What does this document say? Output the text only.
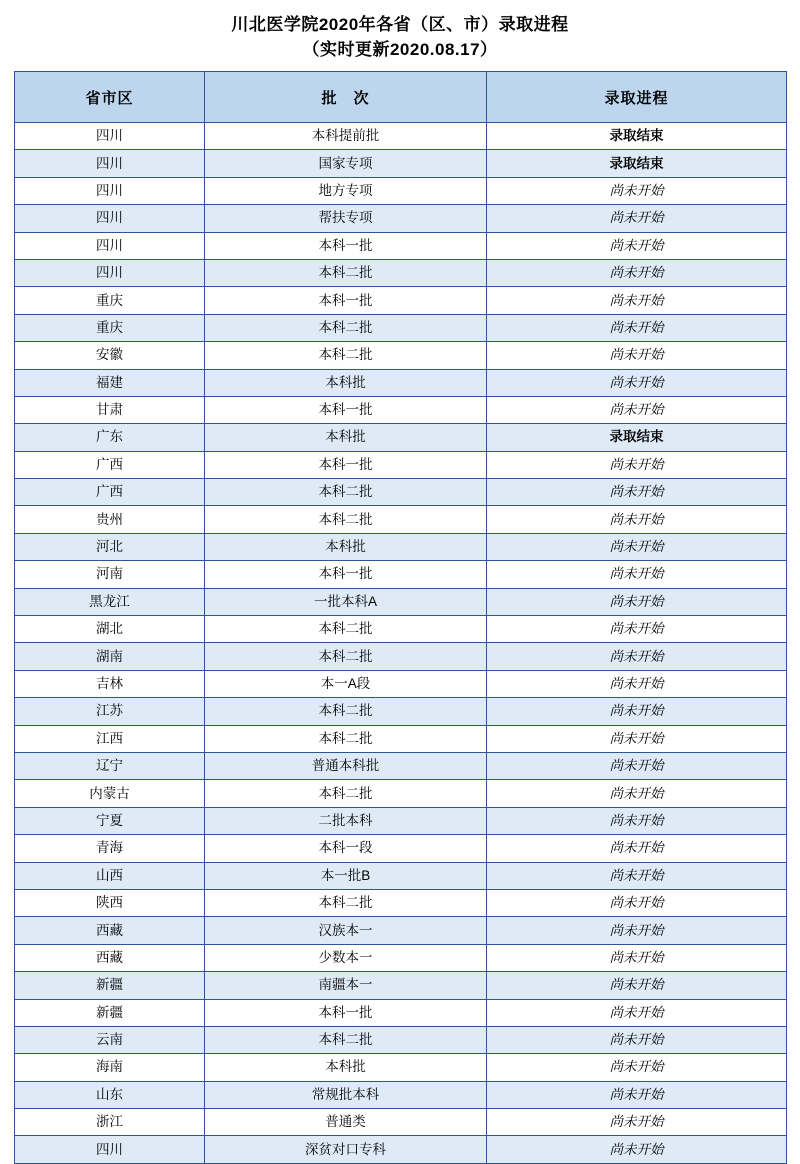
川北医学院2020年各省（区、市）录取进程
（实时更新2020.08.17）
省市区	批　次	录取进程
四川	本科提前批	录取结束
四川	国家专项	录取结束
四川	地方专项	尚未开始
四川	帮扶专项	尚未开始
四川	本科一批	尚未开始
四川	本科二批	尚未开始
重庆	本科一批	尚未开始
重庆	本科二批	尚未开始
安徽	本科二批	尚未开始
福建	本科批	尚未开始
甘肃	本科一批	尚未开始
广东	本科批	录取结束
广西	本科一批	尚未开始
广西	本科二批	尚未开始
贵州	本科二批	尚未开始
河北	本科批	尚未开始
河南	本科一批	尚未开始
黑龙江	一批本科A	尚未开始
湖北	本科二批	尚未开始
湖南	本科二批	尚未开始
吉林	本一A段	尚未开始
江苏	本科二批	尚未开始
江西	本科二批	尚未开始
辽宁	普通本科批	尚未开始
内蒙古	本科二批	尚未开始
宁夏	二批本科	尚未开始
青海	本科一段	尚未开始
山西	本一批B	尚未开始
陕西	本科二批	尚未开始
西藏	汉族本一	尚未开始
西藏	少数本一	尚未开始
新疆	南疆本一	尚未开始
新疆	本科一批	尚未开始
云南	本科二批	尚未开始
海南	本科批	尚未开始
山东	常规批本科	尚未开始
浙江	普通类	尚未开始
四川	深贫对口专科	尚未开始
